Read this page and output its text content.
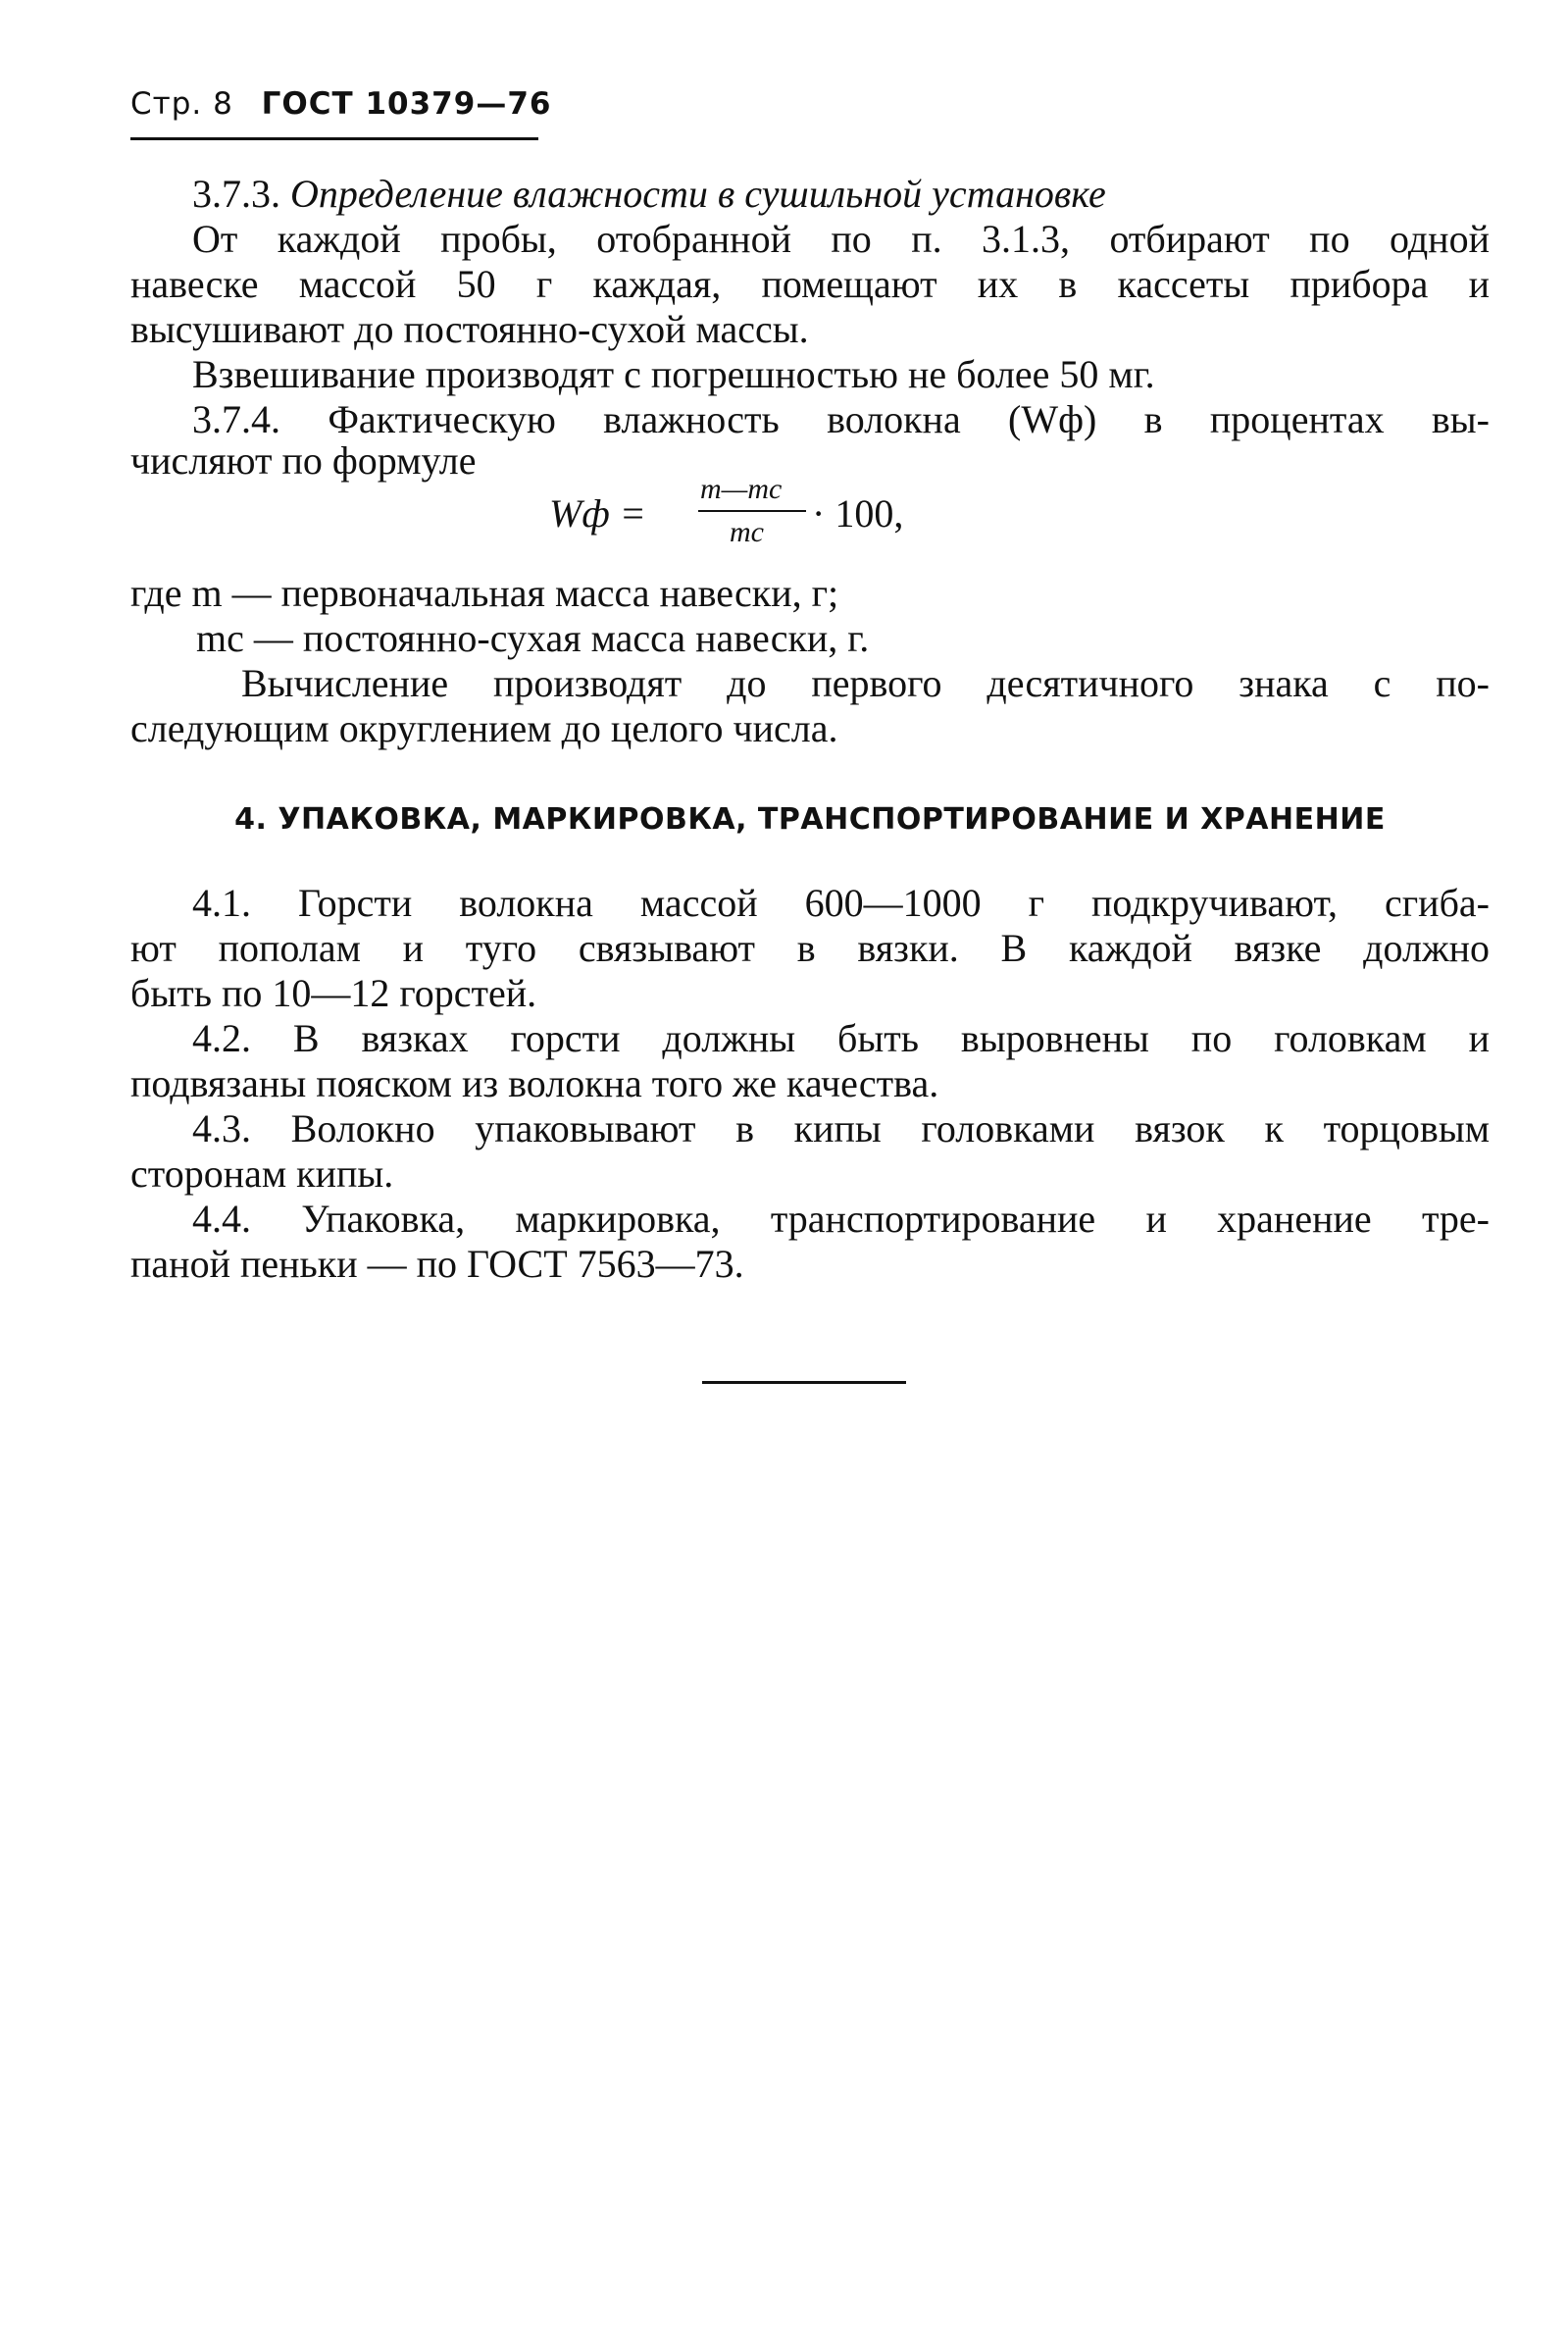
Стр. 8 ГОСТ 10379—76
3.7.3. Определение влажности в сушильной установке
От каждой пробы, отобранной по п. 3.1.3, отбирают по одной
навеске массой 50 г каждая, помещают их в кассеты прибора и
высушивают до постоянно-сухой массы.
Взвешивание производят с погрешностью не более 50 мг.
3.7.4. Фактическую влажность волокна (Wф) в процентах вы-
числяют по формуле
Wф =
m—mc
mc · 100,
где m — первоначальная масса навески, г;
mc — постоянно-сухая масса навески, г.
Вычисление производят до первого десятичного знака с по-
следующим округлением до целого числа.
4. УПАКОВКА, МАРКИРОВКА, ТРАНСПОРТИРОВАНИЕ И ХРАНЕНИЕ
4.1. Горсти волокна массой 600—1000 г подкручивают, сгиба-
ют пополам и туго связывают в вязки. В каждой вязке должно
быть по 10—12 горстей.
4.2. В вязках горсти должны быть выровнены по головкам и
подвязаны пояском из волокна того же качества.
4.3. Волокно упаковывают в кипы головками вязок к торцовым
сторонам кипы.
4.4. Упаковка, маркировка, транспортирование и хранение тре-
паной пеньки — по ГОСТ 7563—73.
